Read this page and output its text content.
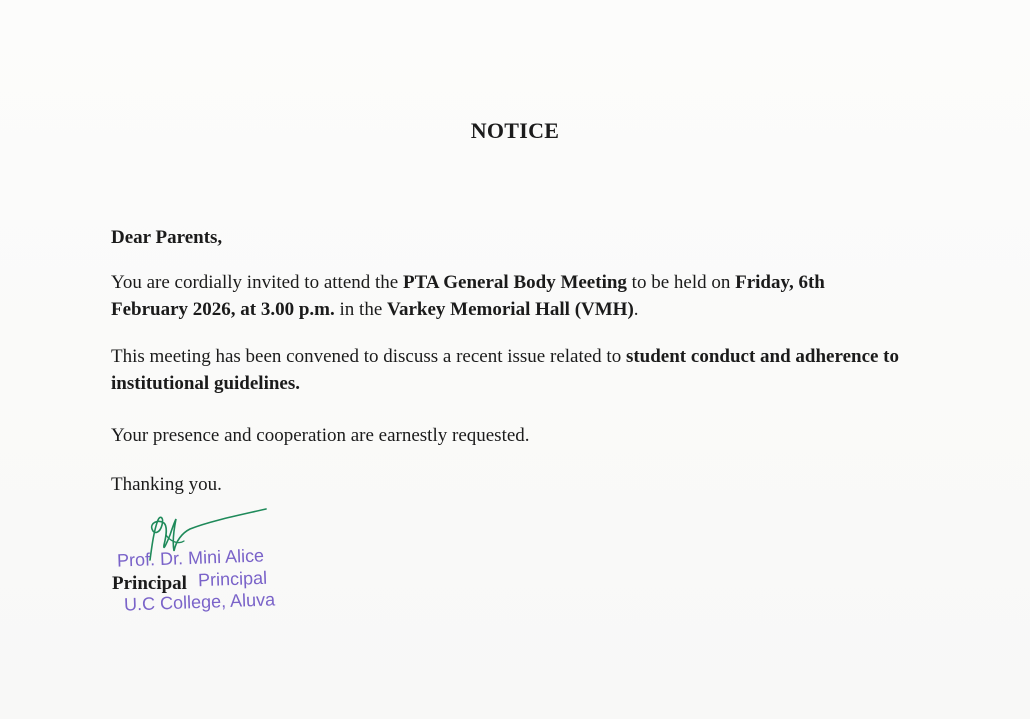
NOTICE
Dear Parents,
You are cordially invited to attend the PTA General Body Meeting to be held on Friday, 6th February 2026, at 3.00 p.m. in the Varkey Memorial Hall (VMH).
This meeting has been convened to discuss a recent issue related to student conduct and adherence to institutional guidelines.
Your presence and cooperation are earnestly requested.
Thanking you.
Prof. Dr. Mini Alice
Principal Principal
U.C College, Aluva
